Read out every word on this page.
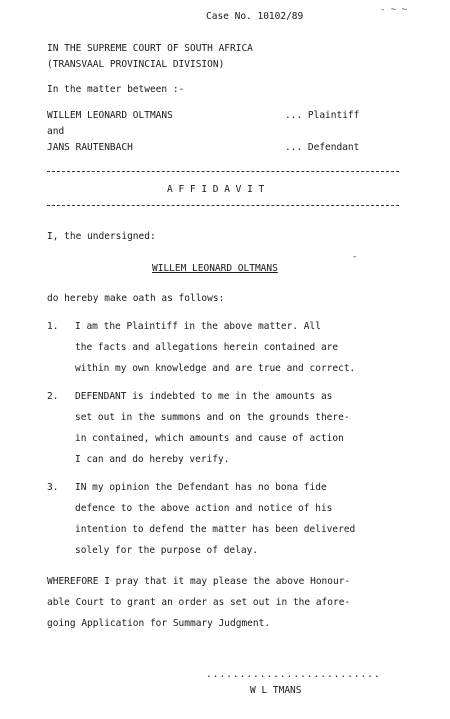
Case No. 10102/89
- ~ ~
IN THE SUPREME COURT OF SOUTH AFRICA
(TRANSVAAL PROVINCIAL DIVISION)
In the matter between :-
WILLEM LEONARD OLTMANS	... Plaintiff
and
JANS RAUTENBACH	... Defendant
A F F I D A V I T
I, the undersigned:
WILLEM LEONARD OLTMANS
-
do hereby make oath as follows:
1. I am the Plaintiff in the above matter. All
the facts and allegations herein contained are
within my own knowledge and are true and correct.
2. DEFENDANT is indebted to me in the amounts as
set out in the summons and on the grounds there-
in contained, which amounts and cause of action
I can and do hereby verify.
3. IN my opinion the Defendant has no bona fide
defence to the above action and notice of his
intention to defend the matter has been delivered
solely for the purpose of delay.
WHEREFORE I pray that it may please the above Honour-
able Court to grant an order as set out in the afore-
going Application for Summary Judgment.
..........................
W L TMANS
